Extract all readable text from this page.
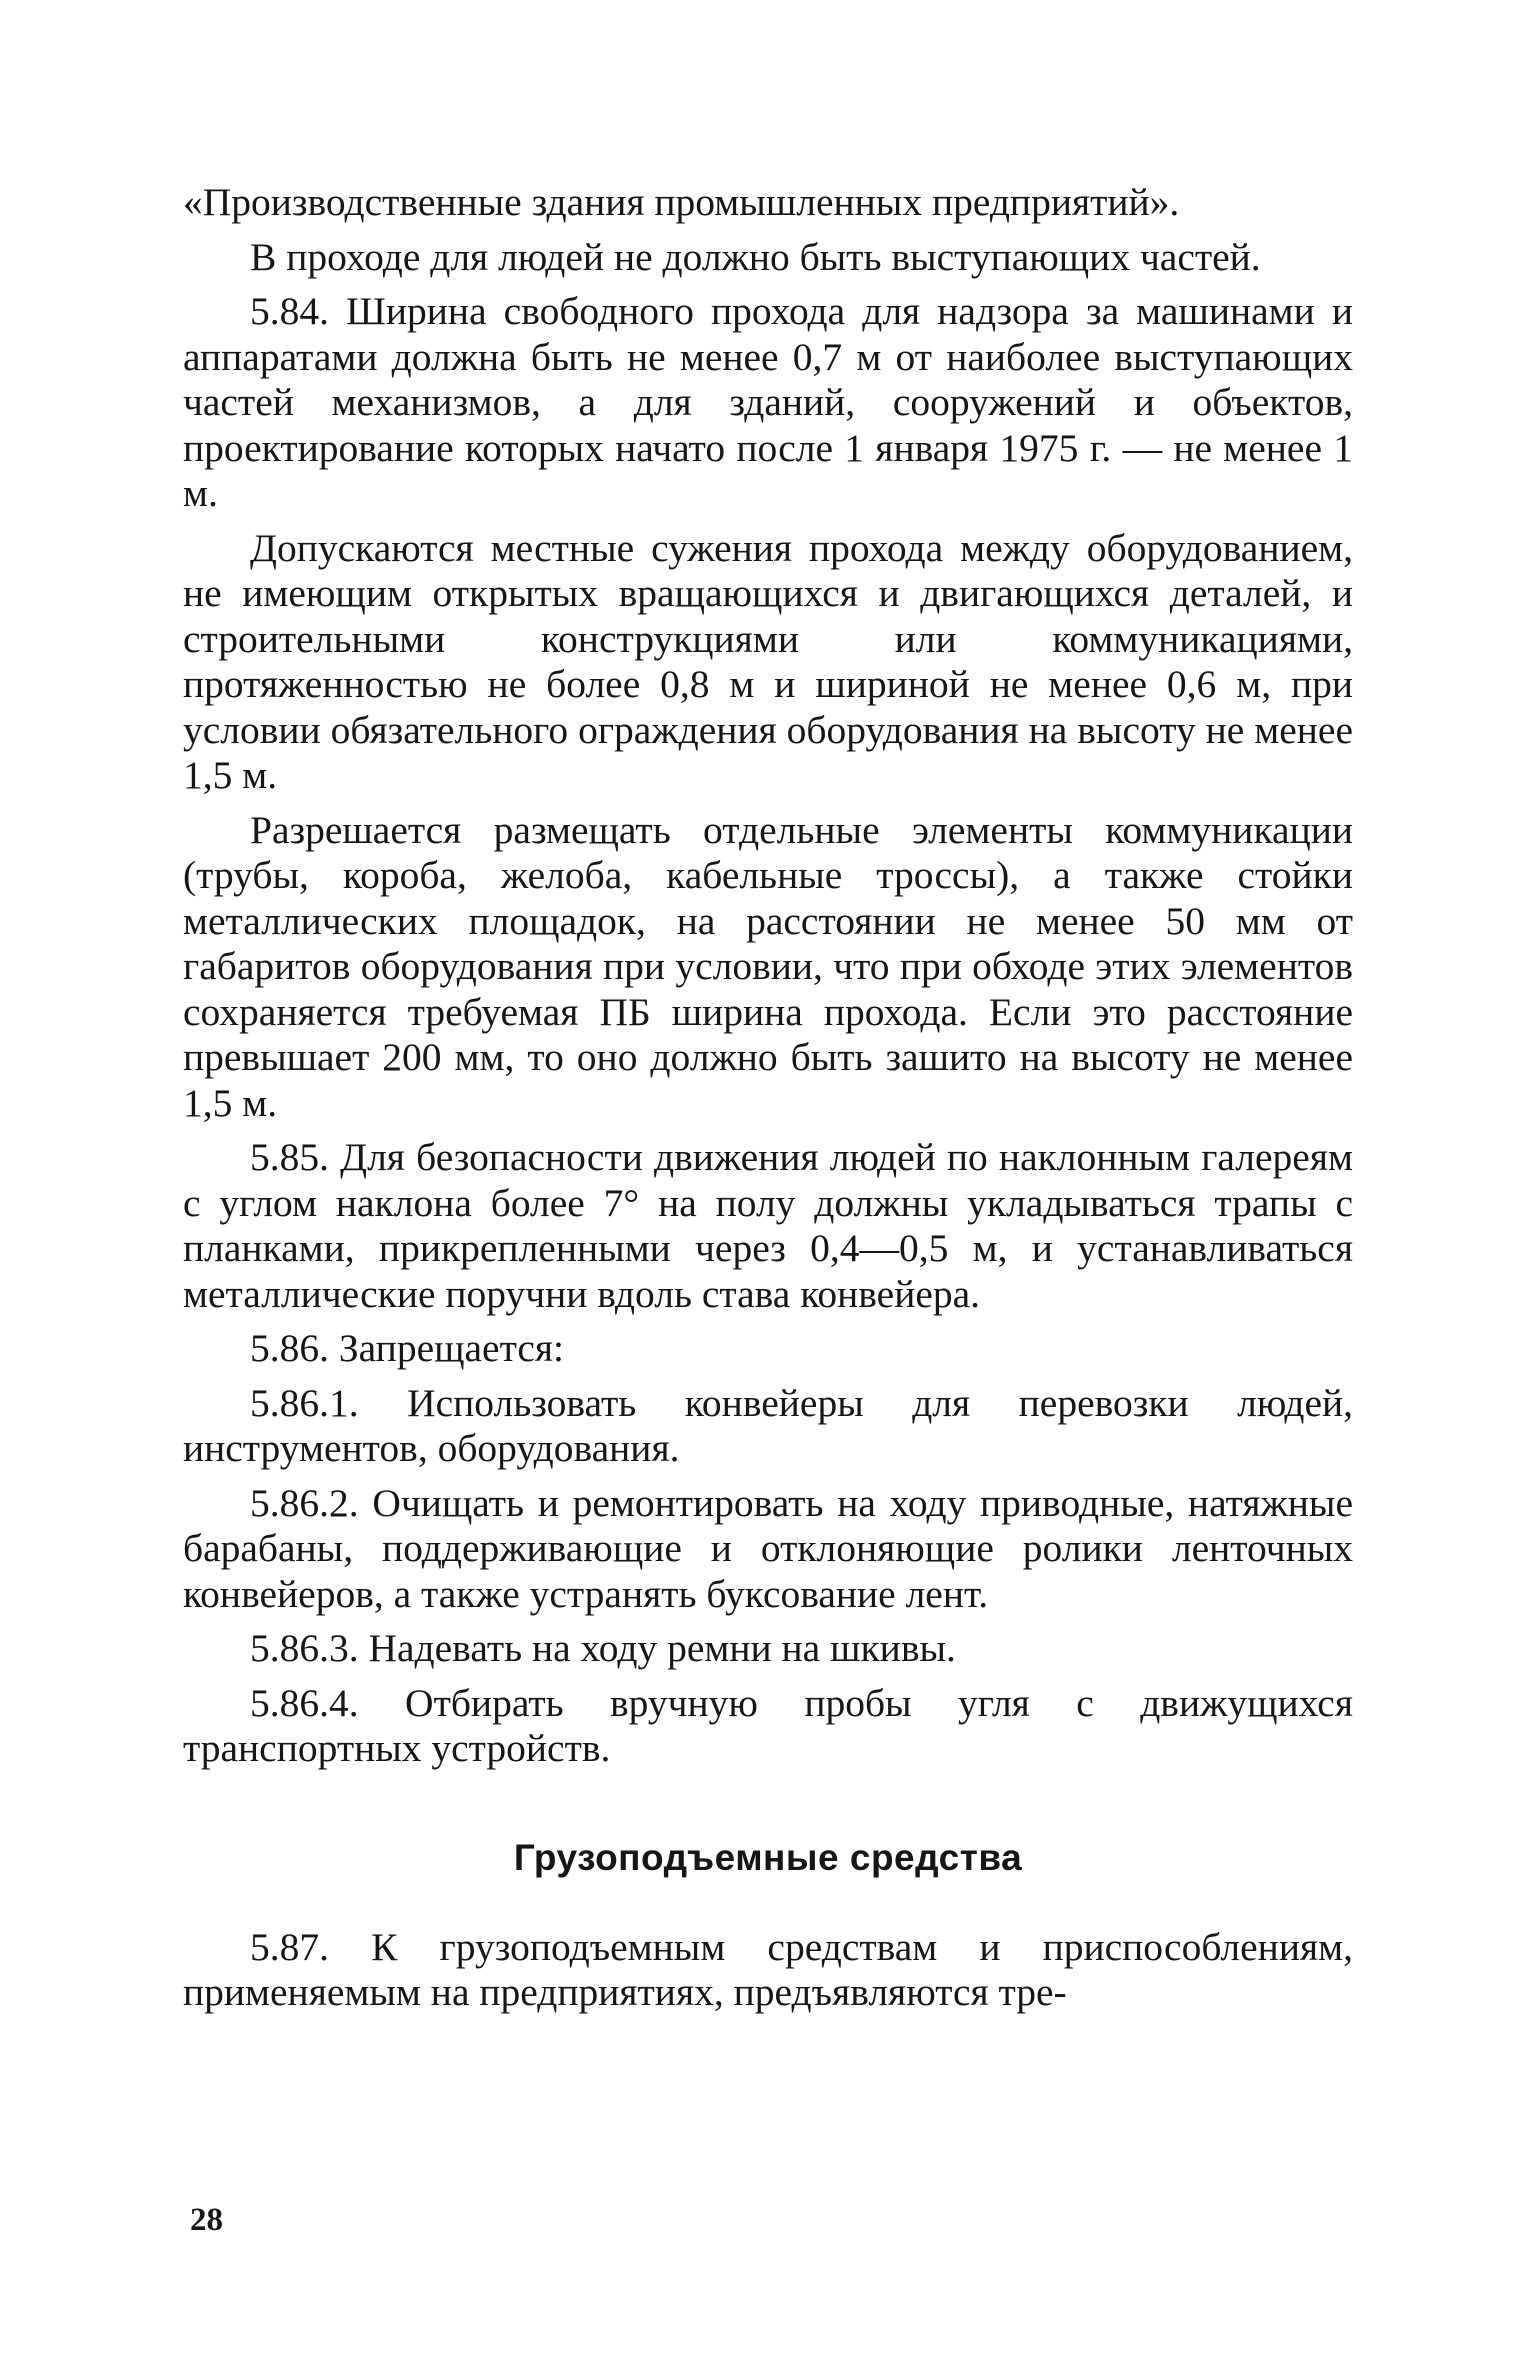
«Производственные здания промышленных предприятий».

В проходе для людей не должно быть выступающих частей.

5.84. Ширина свободного прохода для надзора за машинами и аппаратами должна быть не менее 0,7 м от наиболее выступающих частей механизмов, а для зданий, сооружений и объектов, проектирование которых начато после 1 января 1975 г. — не менее 1 м.

Допускаются местные сужения прохода между оборудованием, не имеющим открытых вращающихся и двигающихся деталей, и строительными конструкциями или коммуникациями, протяженностью не более 0,8 м и шириной не менее 0,6 м, при условии обязательного ограждения оборудования на высоту не менее 1,5 м.

Разрешается размещать отдельные элементы коммуникации (трубы, короба, желоба, кабельные троссы), а также стойки металлических площадок, на расстоянии не менее 50 мм от габаритов оборудования при условии, что при обходе этих элементов сохраняется требуемая ПБ ширина прохода. Если это расстояние превышает 200 мм, то оно должно быть зашито на высоту не менее 1,5 м.

5.85. Для безопасности движения людей по наклонным галереям с углом наклона более 7° на полу должны укладываться трапы с планками, прикрепленными через 0,4—0,5 м, и устанавливаться металлические поручни вдоль става конвейера.

5.86. Запрещается:

5.86.1. Использовать конвейеры для перевозки людей, инструментов, оборудования.

5.86.2. Очищать и ремонтировать на ходу приводные, натяжные барабаны, поддерживающие и отклоняющие ролики ленточных конвейеров, а также устранять буксование лент.

5.86.3. Надевать на ходу ремни на шкивы.

5.86.4. Отбирать вручную пробы угля с движущихся транспортных устройств.

Грузоподъемные средства

5.87. К грузоподъемным средствам и приспособлениям, применяемым на предприятиях, предъявляются тре-

28
